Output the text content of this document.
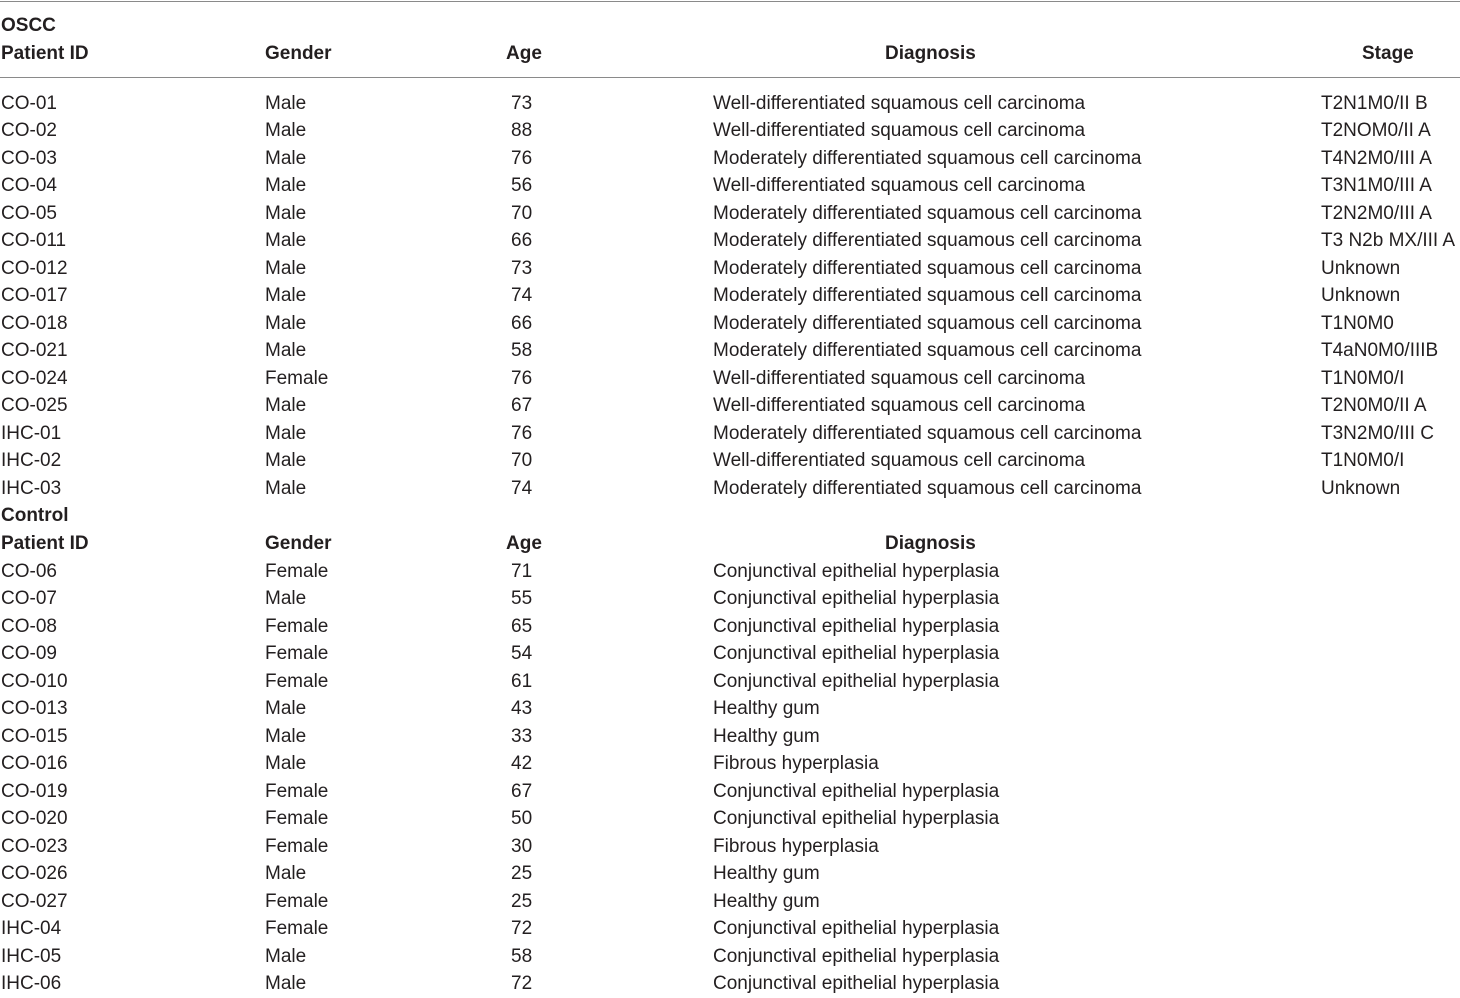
OSCC
Patient ID	Gender	Age	Diagnosis	Stage
CO-01	Male	73	Well-differentiated squamous cell carcinoma	T2N1M0/II B
CO-02	Male	88	Well-differentiated squamous cell carcinoma	T2NOM0/II A
CO-03	Male	76	Moderately differentiated squamous cell carcinoma	T4N2M0/III A
CO-04	Male	56	Well-differentiated squamous cell carcinoma	T3N1M0/III A
CO-05	Male	70	Moderately differentiated squamous cell carcinoma	T2N2M0/III A
CO-011	Male	66	Moderately differentiated squamous cell carcinoma	T3 N2b MX/III A
CO-012	Male	73	Moderately differentiated squamous cell carcinoma	Unknown
CO-017	Male	74	Moderately differentiated squamous cell carcinoma	Unknown
CO-018	Male	66	Moderately differentiated squamous cell carcinoma	T1N0M0
CO-021	Male	58	Moderately differentiated squamous cell carcinoma	T4aN0M0/IIIB
CO-024	Female	76	Well-differentiated squamous cell carcinoma	T1N0M0/I
CO-025	Male	67	Well-differentiated squamous cell carcinoma	T2N0M0/II A
IHC-01	Male	76	Moderately differentiated squamous cell carcinoma	T3N2M0/III C
IHC-02	Male	70	Well-differentiated squamous cell carcinoma	T1N0M0/I
IHC-03	Male	74	Moderately differentiated squamous cell carcinoma	Unknown
Control
Patient ID	Gender	Age	Diagnosis
CO-06	Female	71	Conjunctival epithelial hyperplasia
CO-07	Male	55	Conjunctival epithelial hyperplasia
CO-08	Female	65	Conjunctival epithelial hyperplasia
CO-09	Female	54	Conjunctival epithelial hyperplasia
CO-010	Female	61	Conjunctival epithelial hyperplasia
CO-013	Male	43	Healthy gum
CO-015	Male	33	Healthy gum
CO-016	Male	42	Fibrous hyperplasia
CO-019	Female	67	Conjunctival epithelial hyperplasia
CO-020	Female	50	Conjunctival epithelial hyperplasia
CO-023	Female	30	Fibrous hyperplasia
CO-026	Male	25	Healthy gum
CO-027	Female	25	Healthy gum
IHC-04	Female	72	Conjunctival epithelial hyperplasia
IHC-05	Male	58	Conjunctival epithelial hyperplasia
IHC-06	Male	72	Conjunctival epithelial hyperplasia
